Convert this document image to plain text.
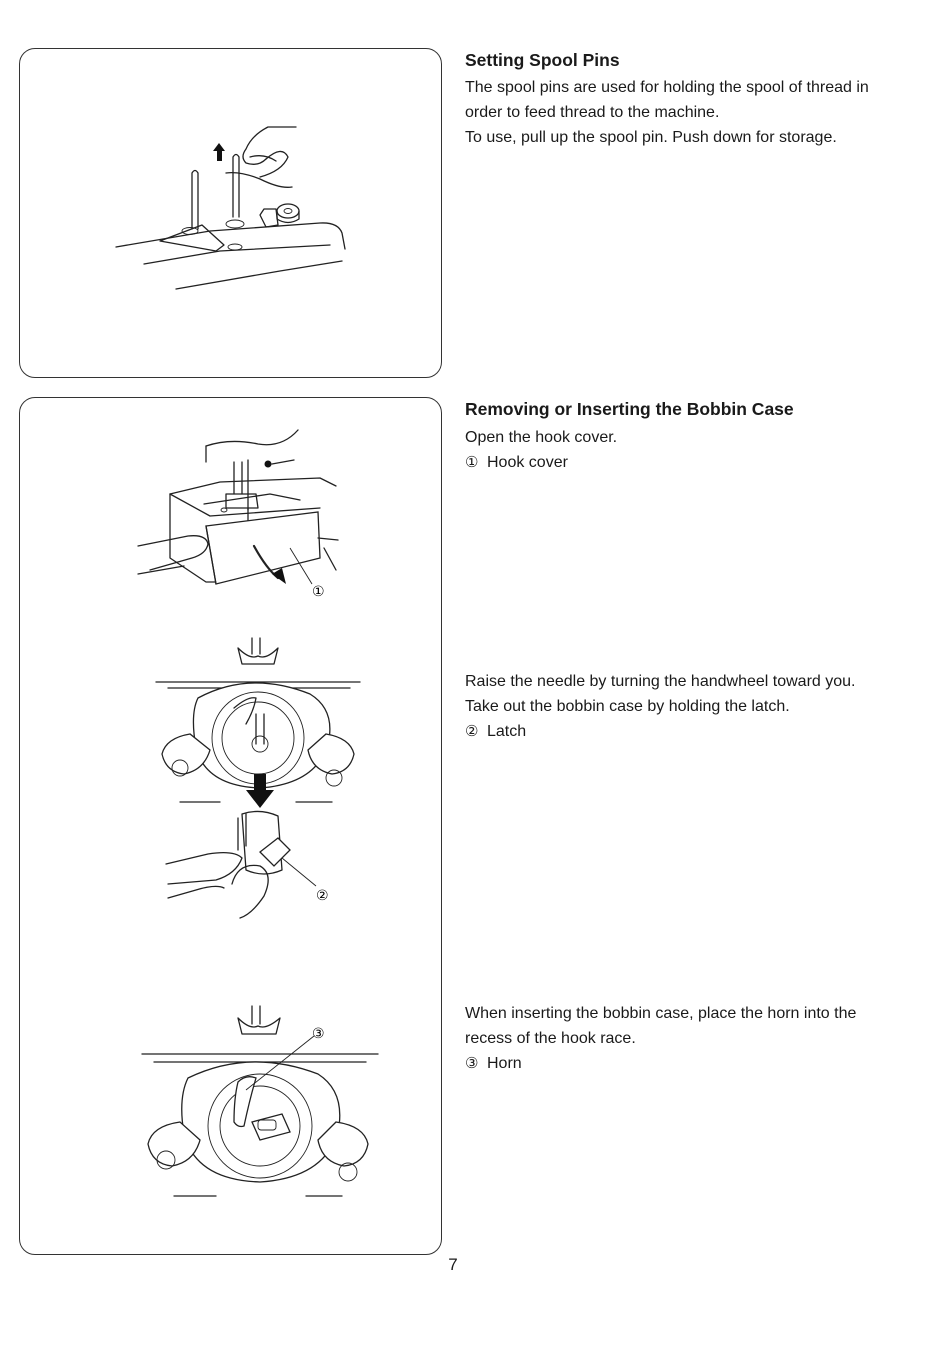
①
②
③
Setting Spool Pins
The spool pins are used for holding the spool of thread in
order to feed thread to the machine.
To use, pull up the spool pin. Push down for storage.
Removing or Inserting the Bobbin Case
Open the hook cover.
① Hook cover
Raise the needle by turning the handwheel toward you.
Take out the bobbin case by holding the latch.
② Latch
When inserting the bobbin case, place the horn into the
recess of the hook race.
③ Horn
7
